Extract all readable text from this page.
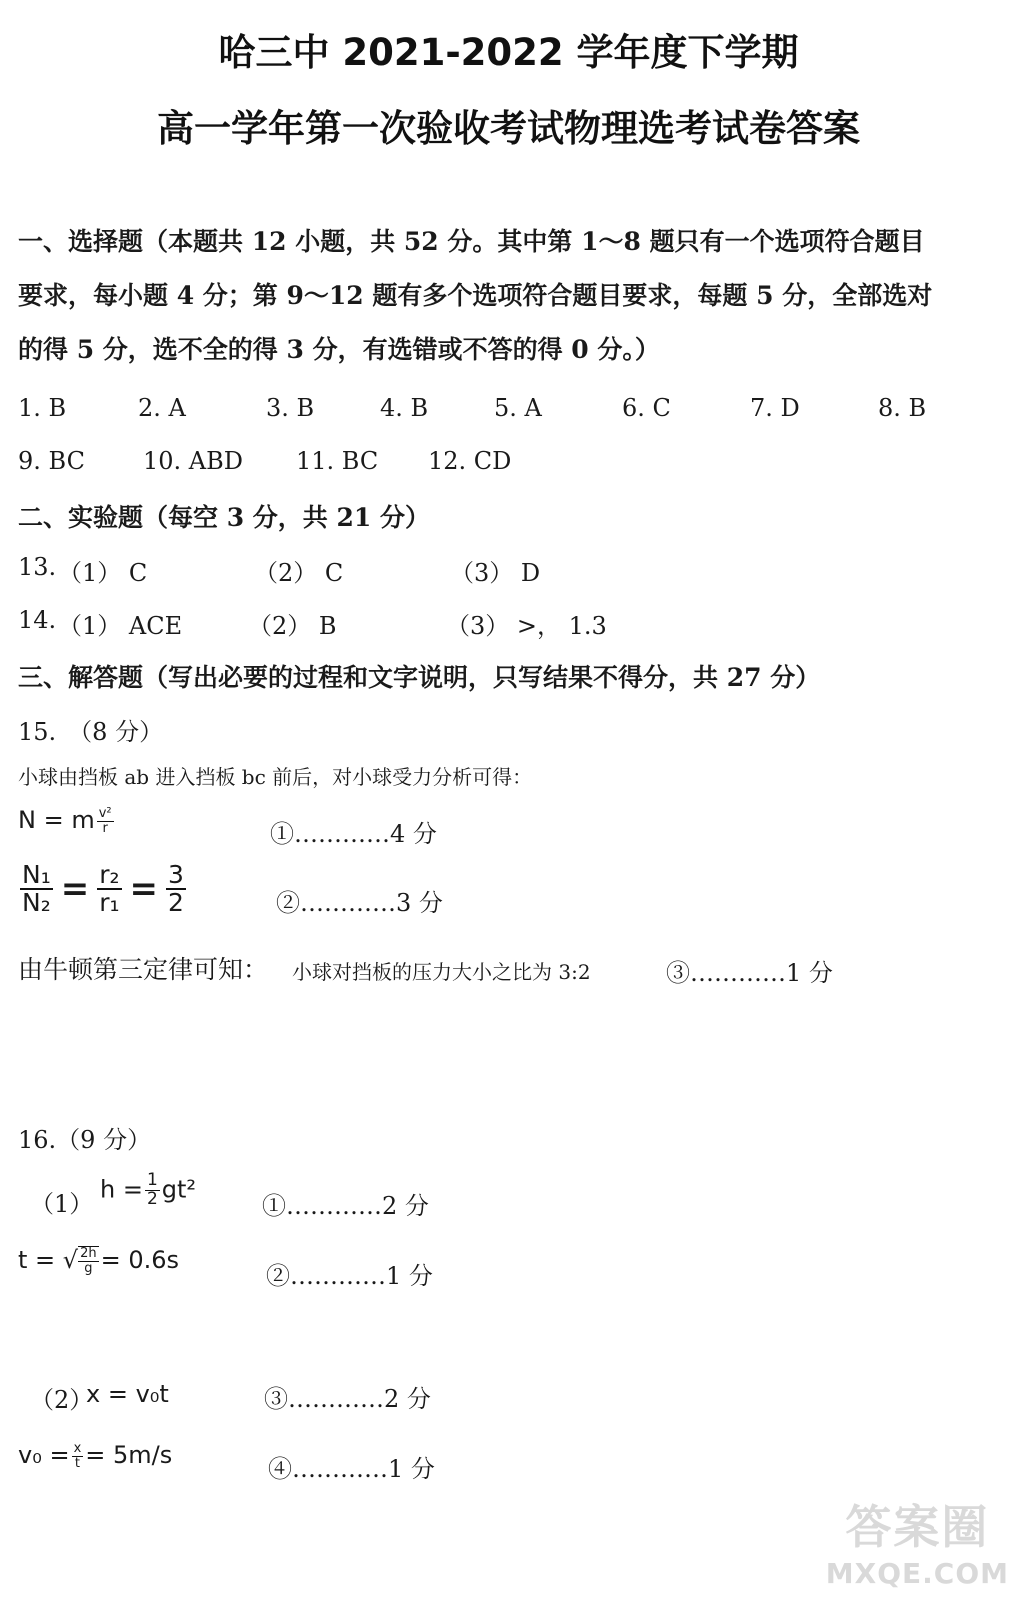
哈三中 2021-2022 学年度下学期
高一学年第一次验收考试物理选考试卷答案
一、选择题（本题共 12 小题，共 52 分。其中第 1～8 题只有一个选项符合题目
要求，每小题 4 分；第 9～12 题有多个选项符合题目要求，每题 5 分，全部选对
的得 5 分，选不全的得 3 分，有选错或不答的得 0 分。）
1. B	2. A	3. B	4. B	5. A	6. C	7. D	8. B
9. BC 10. ABD 11. BC 12. CD
二、实验题（每空 3 分，共 21 分）
13. （1） C	（2） C	（3） D
14. （1） ACE	（2） B	（3） >， 1.3
三、解答题（写出必要的过程和文字说明，只写结果不得分，共 27 分）
15.　（8 分）
小球由挡板 ab 进入挡板 bc 前后，对小球受力分析可得：
N = m $\frac{\text{v²}}{r}$	①…………4 分
$\frac{\text{N₁}}{\text{N₂}} = \frac{\text{r₂}}{\text{r₁}} = \frac{3}{2}$	②…………3 分
由牛顿第三定律可知： 小球对挡板的压力大小之比为 3:2	③…………1 分
16.（9 分）
（1）
$h = \frac{1}{2} gt^2$
①…………2 分
t = √ $\frac{2h}{g} = 0.6s$
②…………1 分
（2）
x = v₀t	③…………2 分
$v_0 = \frac{x}{t} = 5m/s$	④…………1 分
答案圈
MXQE.COM
